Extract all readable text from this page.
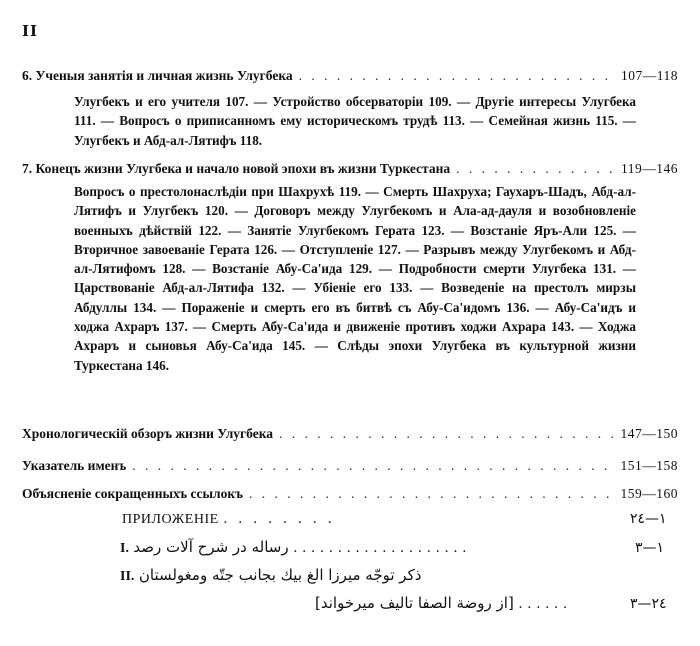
II
6. Ученыя занятія и личная жизнь Улугбека . . .	107—118
Улугбекъ и его учителя 107. — Устройство обсерваторіи 109. — Другіе интересы Улугбека 111. — Вопросъ о приписанномъ ему историческомъ трудѣ 113. — Семейная жизнь 115. — Улугбекъ и Абд-ал-Лятифъ 118.
7. Конецъ жизни Улугбека и начало новой эпохи въ жизни Туркестана . . .	119—146
Вопросъ о престолонаслѣдіи при Шахрухѣ 119. — Смерть Шахруха; Гаухаръ-Шадъ, Абд-ал-Лятифъ и Улугбекъ 120. — Договоръ между Улугбекомъ и Ала-ад-дауля и возобновленіе военныхъ дѣйствій 122. — Занятіе Улугбекомъ Герата 123. — Возстаніе Яръ-Али 125. — Вторичное завоеваніе Герата 126. — Отступленіе 127. — Разрывъ между Улугбекомъ и Абд-ал-Лятифомъ 128. — Возстаніе Абу-Са'ида 129. — Подробности смерти Улугбека 131. — Царствованіе Абд-ал-Лятифа 132. — Убіеніе его 133. — Возведеніе на престолъ мирзы Абдуллы 134. — Пораженіе и смерть его въ битвѣ съ Абу-Са'идомъ 136. — Абу-Са'идъ и ходжа Ахраръ 137. — Смерть Абу-Са'ида и движеніе противъ ходжи Ахрара 143. — Ходжа Ахраръ и сыновья Абу-Са'ида 145. — Слѣды эпохи Улугбека въ культурной жизни Туркестана 146.
Хронологическій обзоръ жизни Улугбека . . .	147—150
Указатель именъ . . .	151—158
Объясненіе сокращенныхъ ссылокъ . . .	159—160
ПРИЛОЖЕНІЕ . . . . . . . .	١—٢٤
I. رساله در شرح آلات رصد . . . . . . . . . . . . . . . . . . . .	١—٣
II. ذكر توجّه ميرزا الغ بيك بجانب جتّه ومغولستان
[از روضة الصفا تاليف ميرخواند] . . . . . .	٢٤—٣
